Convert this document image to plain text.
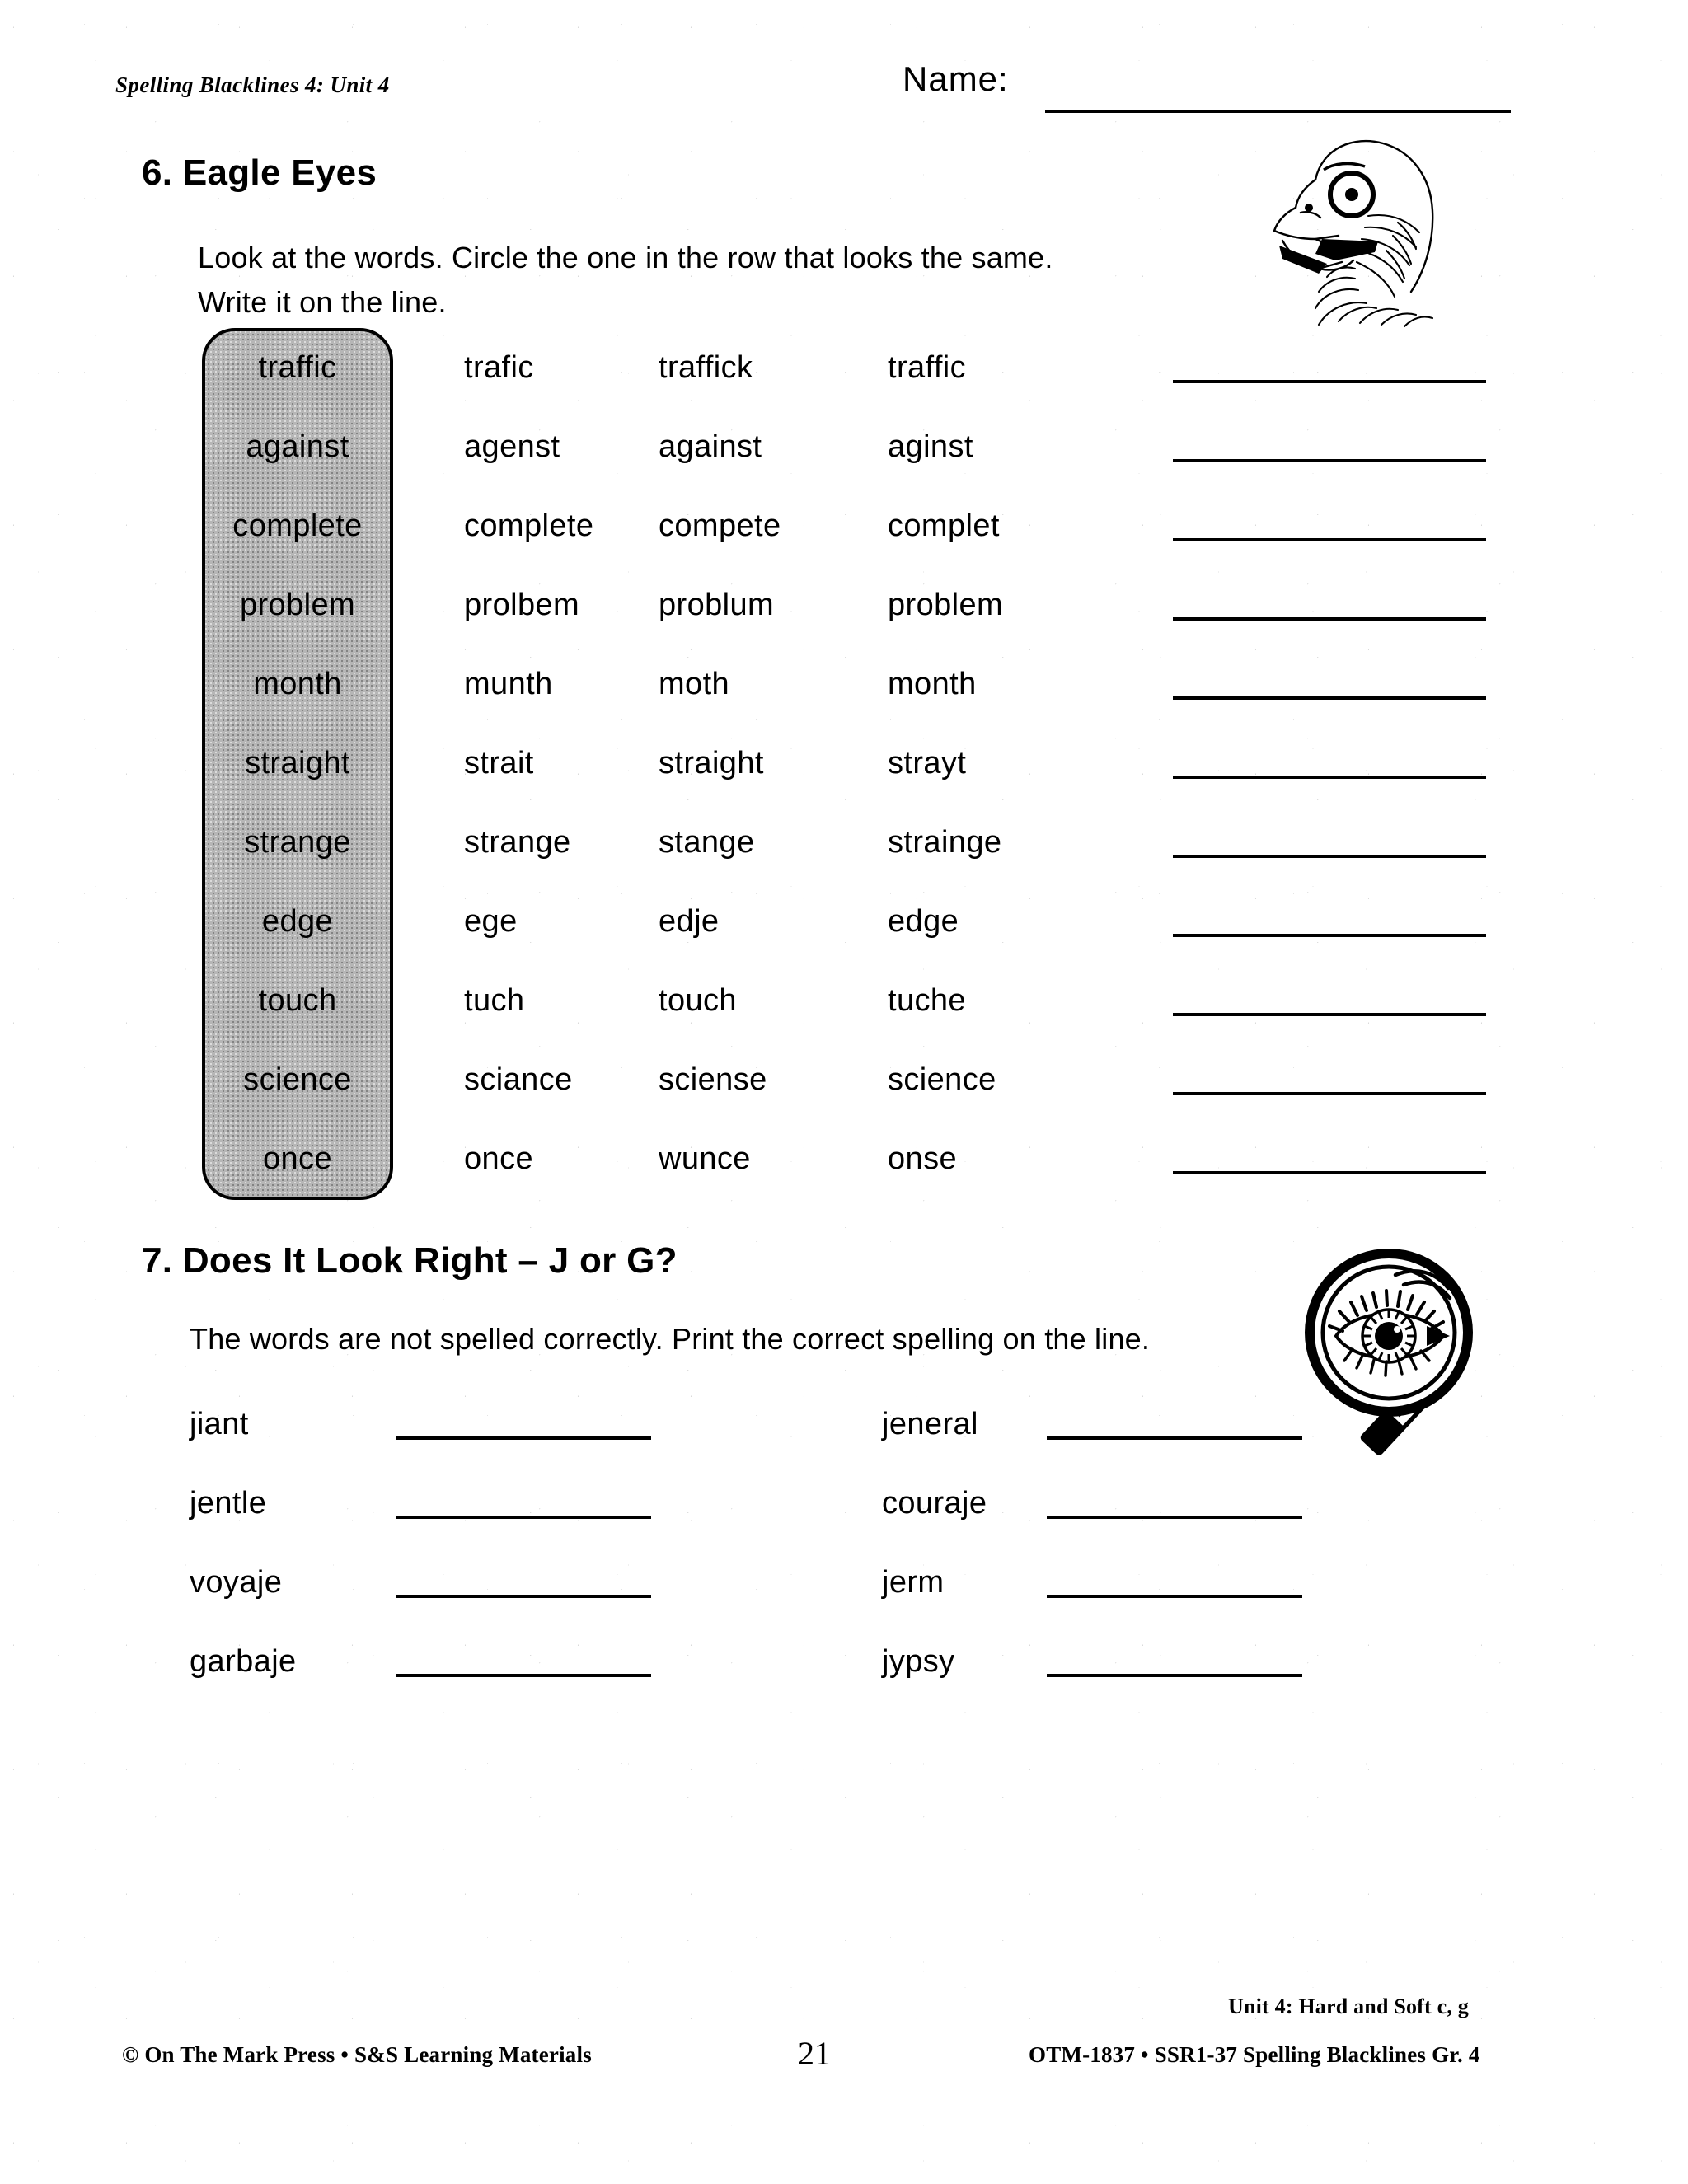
Spelling Blacklines 4: Unit 4	Name:
6. Eagle Eyes
Look at the words. Circle the one in the row that looks the same.
Write it on the line.
traffic	trafic	traffick	traffic
against	agenst	against	aginst
complete	complete	compete	complet
problem	prolbem	problum	problem
month	munth	moth	month
straight	strait	straight	strayt
strange	strange	stange	strainge
edge	ege	edje	edge
touch	tuch	touch	tuche
science	sciance	sciense	science
once	once	wunce	onse
7. Does It Look Right – J or G?
The words are not spelled correctly. Print the correct spelling on the line.
jiant	jeneral
jentle	couraje
voyaje	jerm
garbaje	jypsy
Unit 4: Hard and Soft c, g
© On The Mark Press • S&S Learning Materials	21	OTM-1837 • SSR1-37 Spelling Blacklines Gr. 4
